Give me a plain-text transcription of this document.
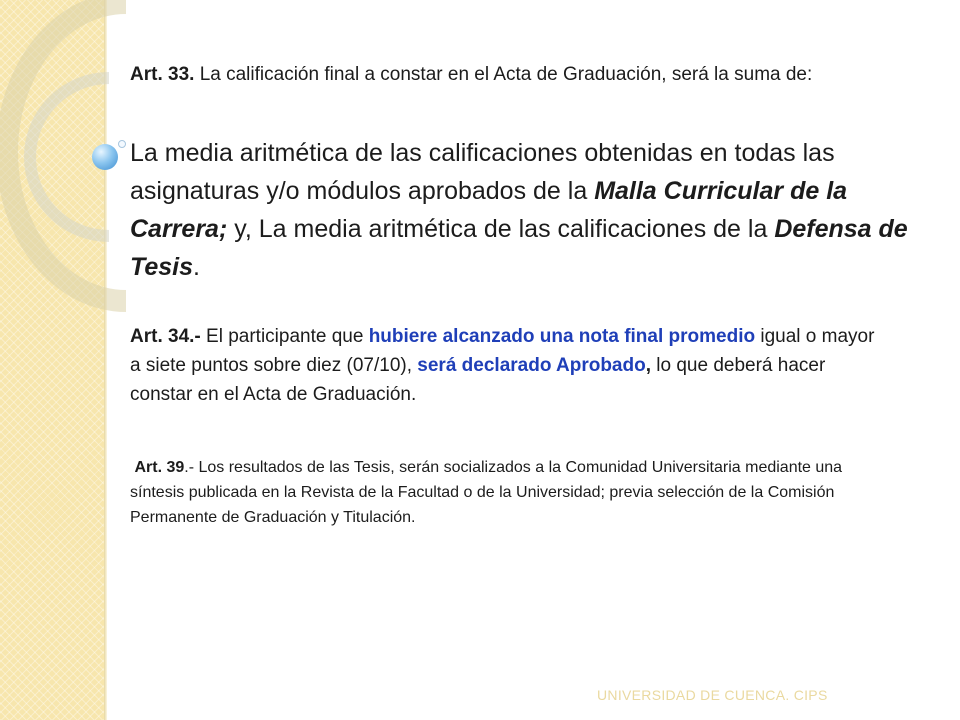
Art. 33. La calificación final a constar en el Acta de Graduación, será la suma de:

La media aritmética de las calificaciones obtenidas en todas las asignaturas y/o módulos aprobados de la Malla Curricular de la Carrera; y, La media aritmética de las calificaciones de la Defensa de Tesis.

Art. 34.- El participante que hubiere alcanzado una nota final promedio igual o mayor a siete puntos sobre diez (07/10), será declarado Aprobado, lo que deberá hacer constar en el Acta de Graduación.

Art. 39.- Los resultados de las Tesis, serán socializados a la Comunidad Universitaria mediante una síntesis publicada en la Revista de la Facultad o de la Universidad; previa selección de la Comisión Permanente de Graduación y Titulación.

UNIVERSIDAD DE CUENCA. CIPS
